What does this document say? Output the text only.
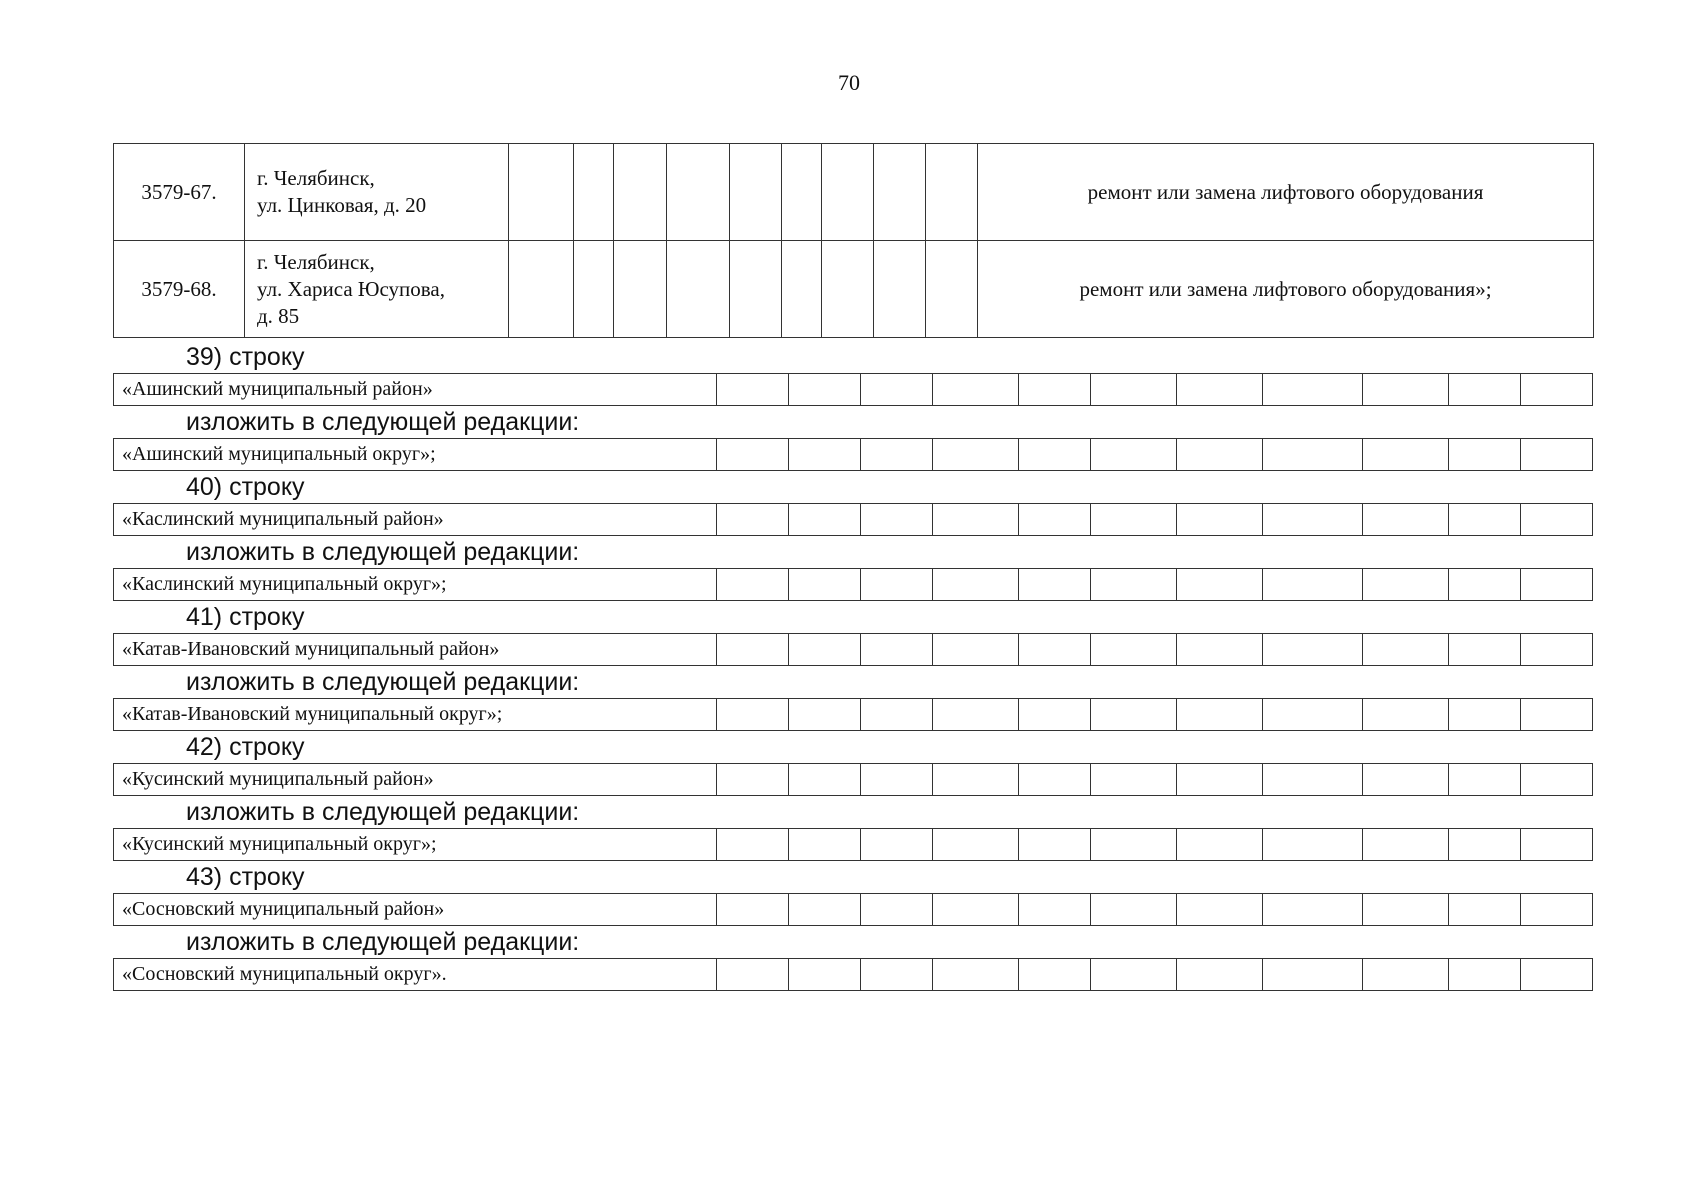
70
3579-67.	г. Челябинск,
ул. Цинковая, д. 20										ремонт или замена лифтового оборудования
3579-68.	г. Челябинск,
ул. Хариса Юсупова,
д. 85										ремонт или замена лифтового оборудования»;
39) строку
«Ашинский муниципальный район»											
изложить в следующей редакции:
«Ашинский муниципальный округ»;											
40) строку
«Каслинский муниципальный район»											
изложить в следующей редакции:
«Каслинский муниципальный округ»;											
41) строку
«Катав-Ивановский муниципальный район»											
изложить в следующей редакции:
«Катав-Ивановский муниципальный округ»;											
42) строку
«Кусинский муниципальный район»											
изложить в следующей редакции:
«Кусинский муниципальный округ»;											
43) строку
«Сосновский муниципальный район»											
изложить в следующей редакции:
«Сосновский муниципальный округ».											
